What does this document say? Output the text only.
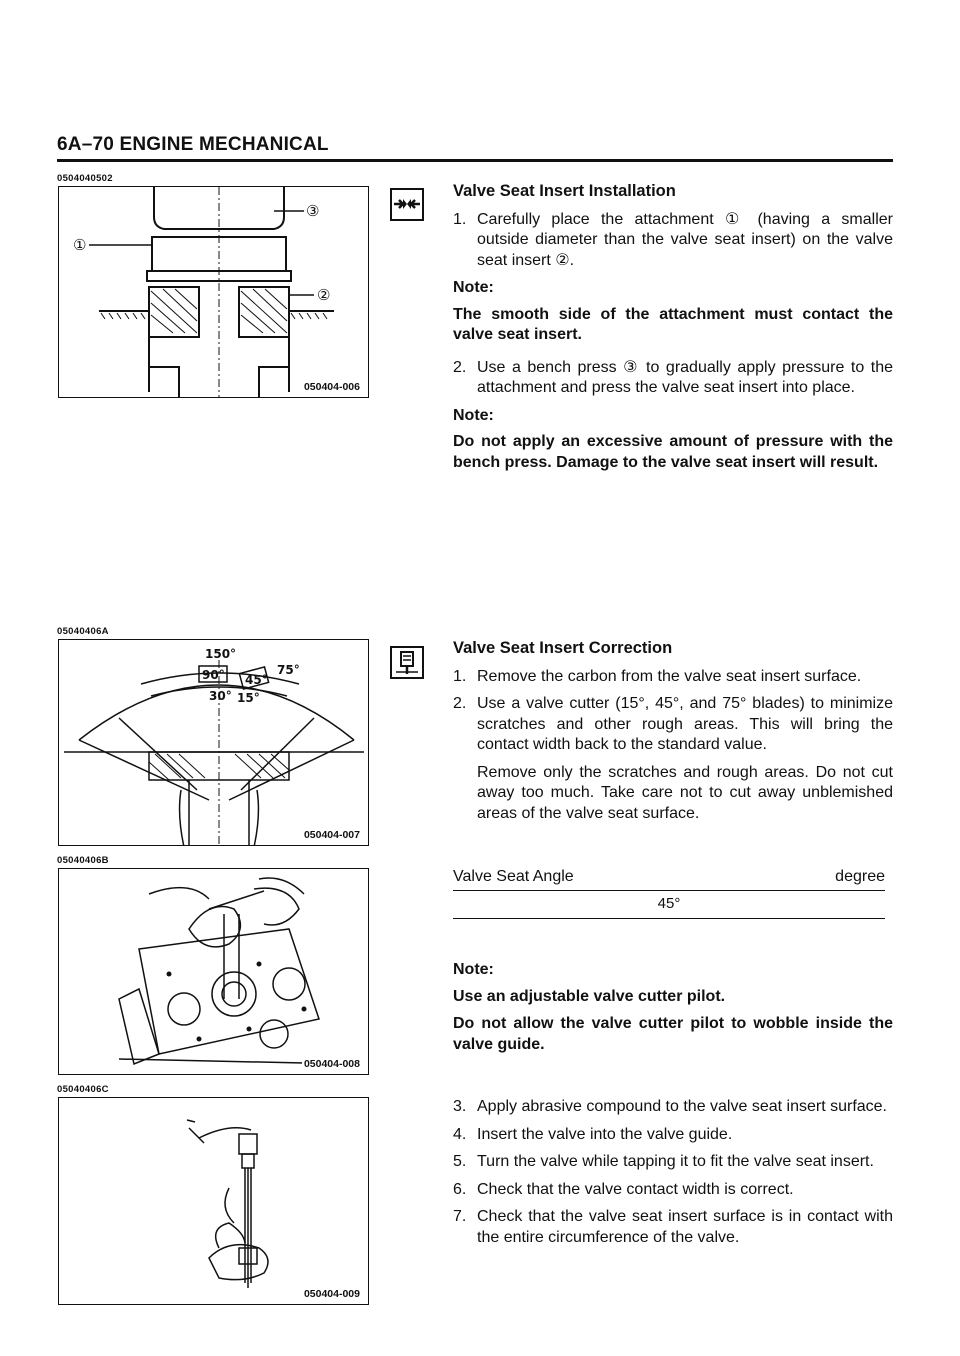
6A–70 ENGINE MECHANICAL
0504040502
③
①
②
050404-006
05040406A
150°
90° 45°
75°
30° 15°
050404-007
05040406B
050404-008
05040406C
050404-009
Valve Seat Insert Installation
1. Carefully place the attachment ① (having a smaller outside diameter than the valve seat insert) on the valve seat insert ②.
Note:
The smooth side of the attachment must contact the valve seat insert.
2. Use a bench press ③ to gradually apply pressure to the attachment and press the valve seat insert into place.
Note:
Do not apply an excessive amount of pressure with the bench press. Damage to the valve seat insert will result.
Valve Seat Insert Correction
1. Remove the carbon from the valve seat insert surface.
2. Use a valve cutter (15°, 45°, and 75° blades) to minimize scratches and other rough areas. This will bring the contact width back to the standard value.
Remove only the scratches and rough areas. Do not cut away too much. Take care not to cut away unblemished areas of the valve seat surface.
Valve Seat Angle	degree
45°
Note:
Use an adjustable valve cutter pilot.
Do not allow the valve cutter pilot to wobble inside the valve guide.
3. Apply abrasive compound to the valve seat insert surface.
4. Insert the valve into the valve guide.
5. Turn the valve while tapping it to fit the valve seat insert.
6. Check that the valve contact width is correct.
7. Check that the valve seat insert surface is in contact with the entire circumference of the valve.
